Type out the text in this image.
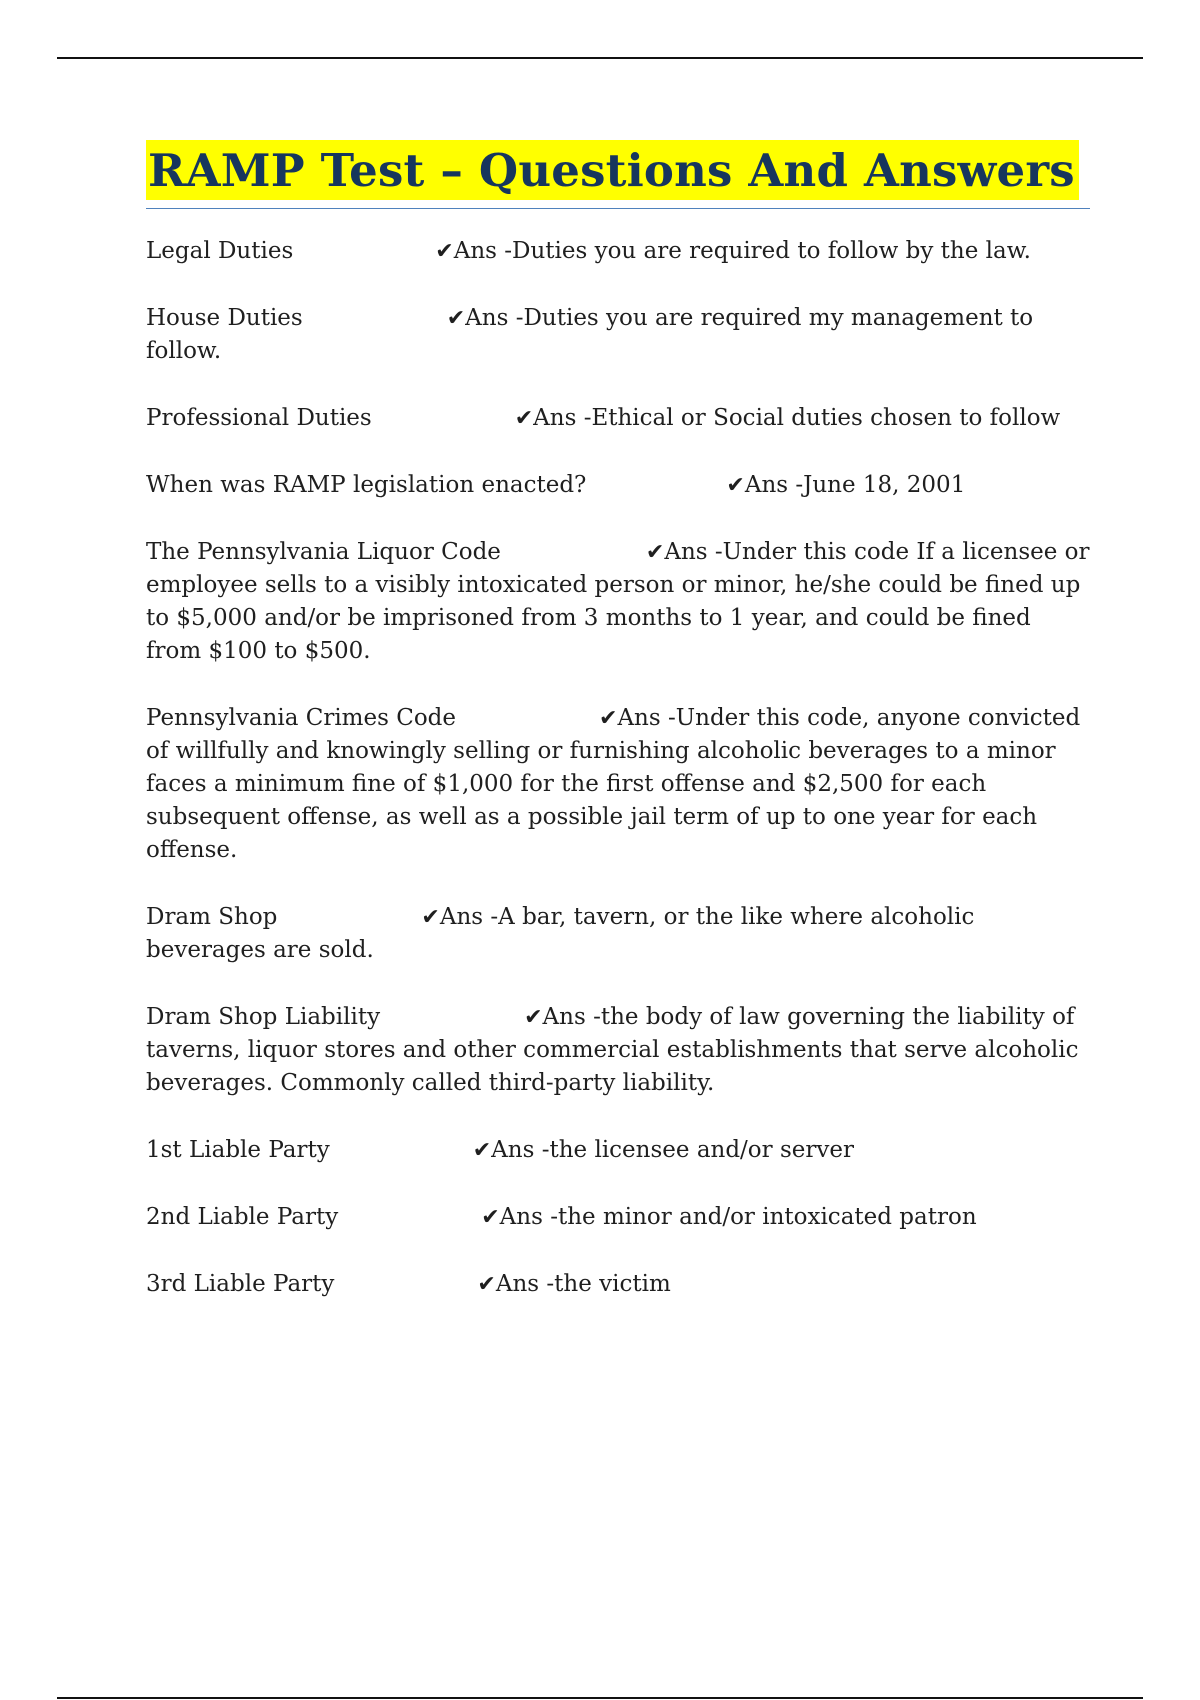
RAMP Test – Questions And Answers
Legal Duties	✔Ans -Duties you are required to follow by the law.
House Duties	✔Ans -Duties you are required my management to follow.
Professional Duties	✔Ans -Ethical or Social duties chosen to follow
When was RAMP legislation enacted?	✔Ans -June 18, 2001
The Pennsylvania Liquor Code	✔Ans -Under this code If a licensee or employee sells to a visibly intoxicated person or minor, he/she could be fined up to $5,000 and/or be imprisoned from 3 months to 1 year, and could be fined from $100 to $500.
Pennsylvania Crimes Code	✔Ans -Under this code, anyone convicted of willfully and knowingly selling or furnishing alcoholic beverages to a minor faces a minimum fine of $1,000 for the first offense and $2,500 for each subsequent offense, as well as a possible jail term of up to one year for each offense.
Dram Shop	✔Ans -A bar, tavern, or the like where alcoholic beverages are sold.
Dram Shop Liability	✔Ans -the body of law governing the liability of taverns, liquor stores and other commercial establishments that serve alcoholic beverages. Commonly called third-party liability.
1st Liable Party	✔Ans -the licensee and/or server
2nd Liable Party	✔Ans -the minor and/or intoxicated patron
3rd Liable Party	✔Ans -the victim
